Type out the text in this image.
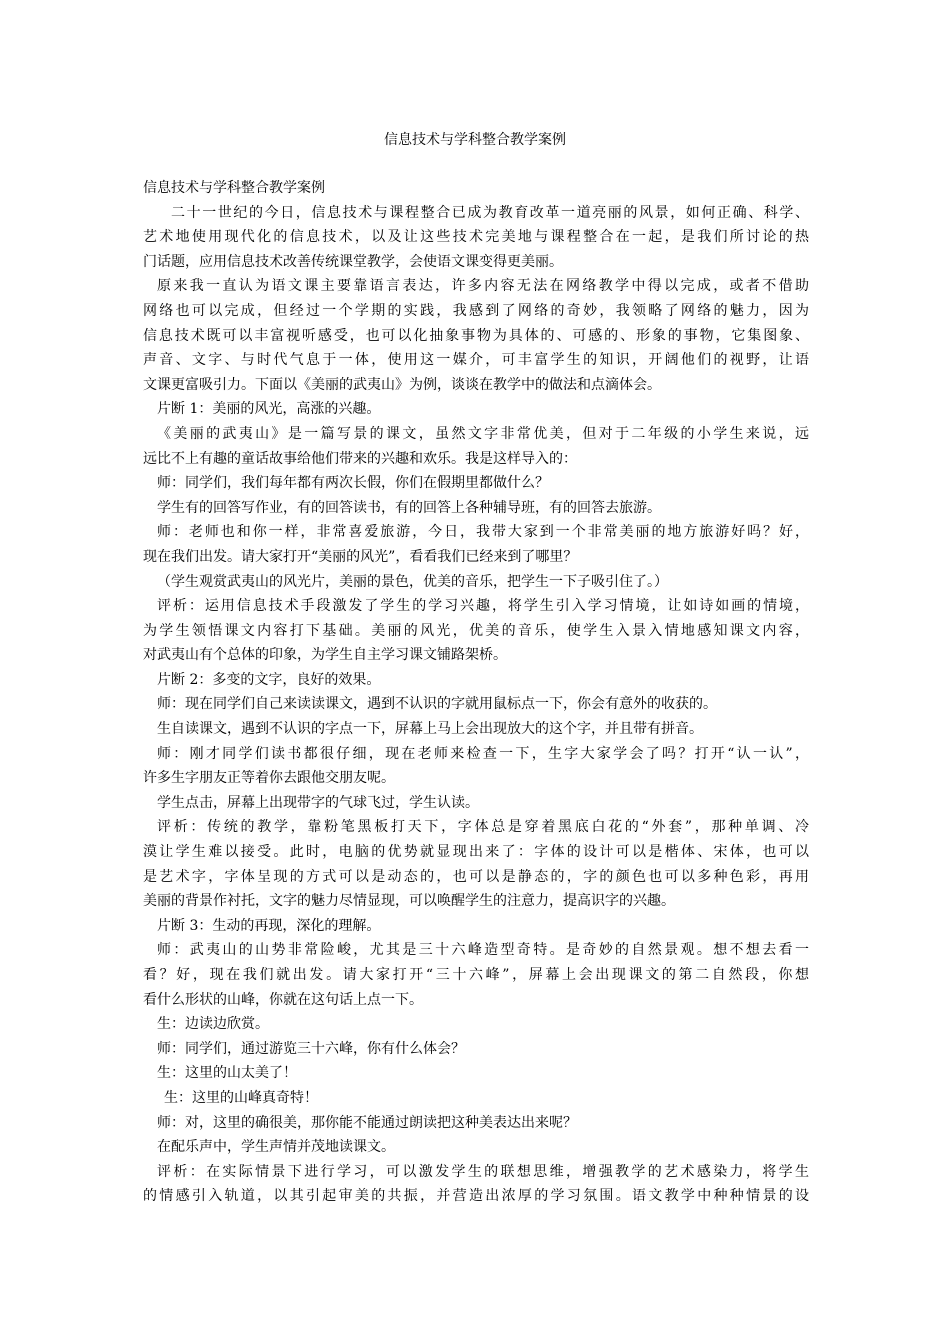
信息技术与学科整合教学案例

信息技术与学科整合教学案例

二十一世纪的今日，信息技术与课程整合已成为教育改革一道亮丽的风景，如何正确、科学、

艺术地使用现代化的信息技术，以及让这些技术完美地与课程整合在一起，是我们所讨论的热

门话题，应用信息技术改善传统课堂教学，会使语文课变得更美丽。

原来我一直认为语文课主要靠语言表达，许多内容无法在网络教学中得以完成，或者不借助

网络也可以完成，但经过一个学期的实践，我感到了网络的奇妙，我领略了网络的魅力，因为

信息技术既可以丰富视听感受，也可以化抽象事物为具体的、可感的、形象的事物，它集图象、

声音、文字、与时代气息于一体，使用这一媒介，可丰富学生的知识，开阔他们的视野，让语

文课更富吸引力。下面以《美丽的武夷山》为例，谈谈在教学中的做法和点滴体会。

片断 1：美丽的风光，高涨的兴趣。

《美丽的武夷山》是一篇写景的课文，虽然文字非常优美，但对于二年级的小学生来说，远

远比不上有趣的童话故事给他们带来的兴趣和欢乐。我是这样导入的：

师：同学们，我们每年都有两次长假，你们在假期里都做什么？

学生有的回答写作业，有的回答读书，有的回答上各种辅导班，有的回答去旅游。

师：老师也和你一样，非常喜爱旅游，今日，我带大家到一个非常美丽的地方旅游好吗？好，

现在我们出发。请大家打开“美丽的风光”，看看我们已经来到了哪里？

（学生观赏武夷山的风光片，美丽的景色，优美的音乐，把学生一下子吸引住了。）

评析：运用信息技术手段激发了学生的学习兴趣，将学生引入学习情境，让如诗如画的情境，

为学生领悟课文内容打下基础。美丽的风光，优美的音乐，使学生入景入情地感知课文内容，

对武夷山有个总体的印象，为学生自主学习课文铺路架桥。

片断 2：多变的文字，良好的效果。

师：现在同学们自己来读读课文，遇到不认识的字就用鼠标点一下，你会有意外的收获的。

生自读课文，遇到不认识的字点一下，屏幕上马上会出现放大的这个字，并且带有拼音。

师：刚才同学们读书都很仔细，现在老师来检查一下，生字大家学会了吗？打开“认一认”，

许多生字朋友正等着你去跟他交朋友呢。

学生点击，屏幕上出现带字的气球飞过，学生认读。

评析：传统的教学，靠粉笔黑板打天下，字体总是穿着黑底白花的“外套”，那种单调、冷

漠让学生难以接受。此时，电脑的优势就显现出来了：字体的设计可以是楷体、宋体，也可以

是艺术字，字体呈现的方式可以是动态的，也可以是静态的，字的颜色也可以多种色彩，再用

美丽的背景作衬托，文字的魅力尽情显现，可以唤醒学生的注意力，提高识字的兴趣。

片断 3：生动的再现，深化的理解。

师：武夷山的山势非常险峻，尤其是三十六峰造型奇特。是奇妙的自然景观。想不想去看一

看？好，现在我们就出发。请大家打开“三十六峰”，屏幕上会出现课文的第二自然段，你想

看什么形状的山峰，你就在这句话上点一下。

生：边读边欣赏。

师：同学们，通过游览三十六峰，你有什么体会？

生：这里的山太美了！

生：这里的山峰真奇特！

师：对，这里的确很美，那你能不能通过朗读把这种美表达出来呢？

在配乐声中，学生声情并茂地读课文。

评析：在实际情景下进行学习，可以激发学生的联想思维，增强教学的艺术感染力，将学生

的情感引入轨道，以其引起审美的共振，并营造出浓厚的学习氛围。语文教学中种种情景的设
